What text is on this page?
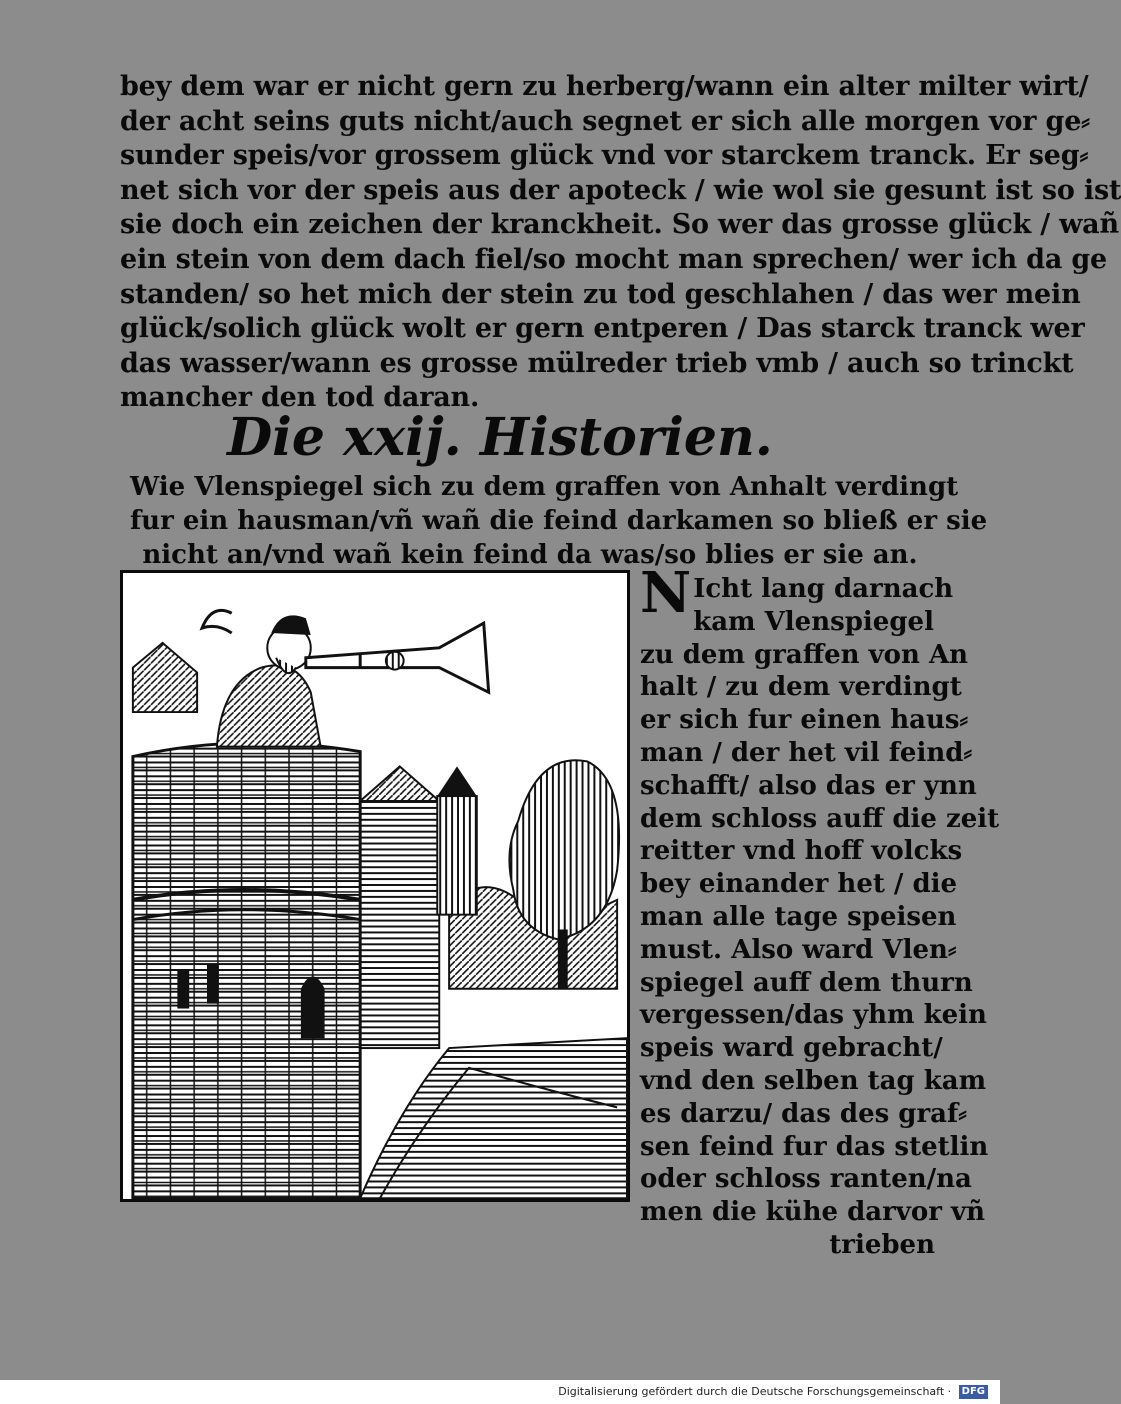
bey dem war er nicht gern zu herberg/wann ein alter milter wirt/
der acht seins guts nicht/auch segnet er sich alle morgen vor ge⸗
sunder speis/vor grossem glück vnd vor starckem tranck. Er seg⸗
net sich vor der speis aus der apoteck / wie wol sie gesunt ist so ist
sie doch ein zeichen der kranckheit. So wer das grosse glück / wañ
ein stein von dem dach fiel/so mocht man sprechen/ wer ich da ge
standen/ so het mich der stein zu tod geschlahen / das wer mein
glück/solich glück wolt er gern entperen / Das starck tranck wer
das wasser/wann es grosse mülreder trieb vmb / auch so trinckt
mancher den tod daran.
Die xxij. Historien.
Wie Vlenspiegel sich zu dem graffen von Anhalt verdingt
fur ein hausman/vñ wañ die feind darkamen so bließ er sie
nicht an/vnd wañ kein feind da was/so blies er sie an.
N Icht lang darnach
kam Vlenspiegel
zu dem graffen von An
halt / zu dem verdingt
er sich fur einen haus⸗
man / der het vil feind⸗
schafft/ also das er ynn
dem schloss auff die zeit
reitter vnd hoff volcks
bey einander het / die
man alle tage speisen
must. Also ward Vlen⸗
spiegel auff dem thurn
vergessen/das yhm kein
speis ward gebracht/
vnd den selben tag kam
es darzu/ das des graf⸗
sen feind fur das stetlin
oder schloss ranten/na
men die kühe darvor vñ
trieben
Digitalisierung gefördert durch die Deutsche Forschungsgemeinschaft · DFG
